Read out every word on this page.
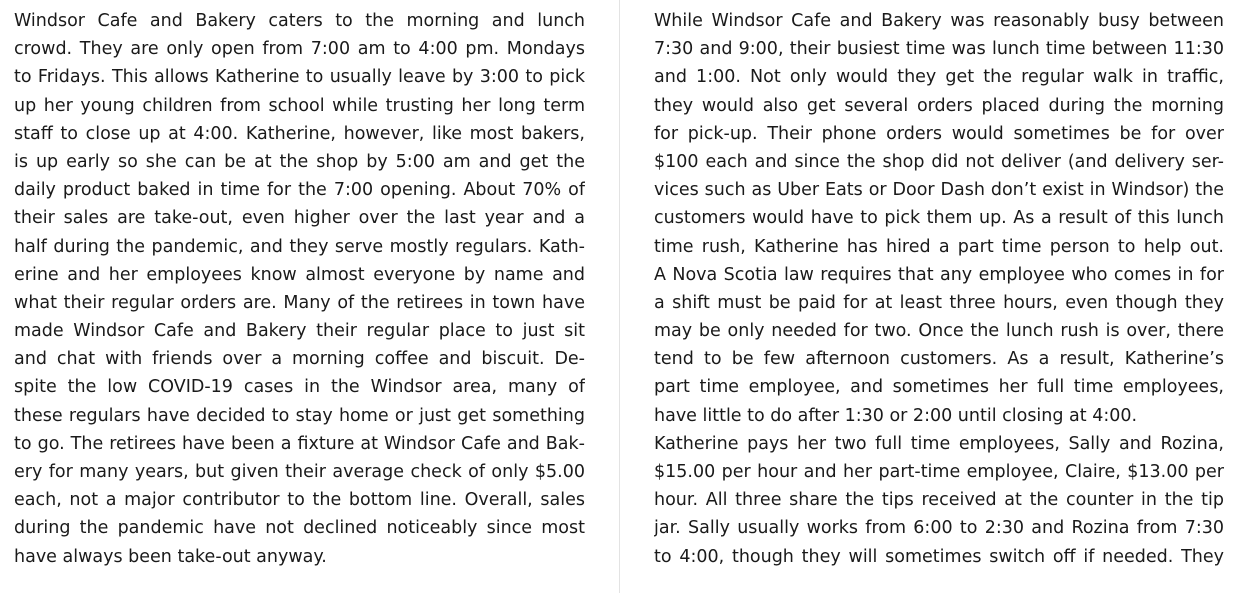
Windsor Cafe and Bakery caters to the morning and lunch
crowd. They are only open from 7:00 am to 4:00 pm. Mondays
to Fridays. This allows Katherine to usually leave by 3:00 to pick
up her young children from school while trusting her long term
staff to close up at 4:00. Katherine, however, like most bakers,
is up early so she can be at the shop by 5:00 am and get the
daily product baked in time for the 7:00 opening. About 70% of
their sales are take-out, even higher over the last year and a
half during the pandemic, and they serve mostly regulars. Kath-
erine and her employees know almost everyone by name and
what their regular orders are. Many of the retirees in town have
made Windsor Cafe and Bakery their regular place to just sit
and chat with friends over a morning coffee and biscuit. De-
spite the low COVID-19 cases in the Windsor area, many of
these regulars have decided to stay home or just get something
to go. The retirees have been a fixture at Windsor Cafe and Bak-
ery for many years, but given their average check of only $5.00
each, not a major contributor to the bottom line. Overall, sales
during the pandemic have not declined noticeably since most
have always been take-out anyway.
While Windsor Cafe and Bakery was reasonably busy between
7:30 and 9:00, their busiest time was lunch time between 11:30
and 1:00. Not only would they get the regular walk in traffic,
they would also get several orders placed during the morning
for pick-up. Their phone orders would sometimes be for over
$100 each and since the shop did not deliver (and delivery ser-
vices such as Uber Eats or Door Dash don’t exist in Windsor) the
customers would have to pick them up. As a result of this lunch
time rush, Katherine has hired a part time person to help out.
A Nova Scotia law requires that any employee who comes in for
a shift must be paid for at least three hours, even though they
may be only needed for two. Once the lunch rush is over, there
tend to be few afternoon customers. As a result, Katherine’s
part time employee, and sometimes her full time employees,
have little to do after 1:30 or 2:00 until closing at 4:00.
Katherine pays her two full time employees, Sally and Rozina,
$15.00 per hour and her part-time employee, Claire, $13.00 per
hour. All three share the tips received at the counter in the tip
jar. Sally usually works from 6:00 to 2:30 and Rozina from 7:30
to 4:00, though they will sometimes switch off if needed. They
